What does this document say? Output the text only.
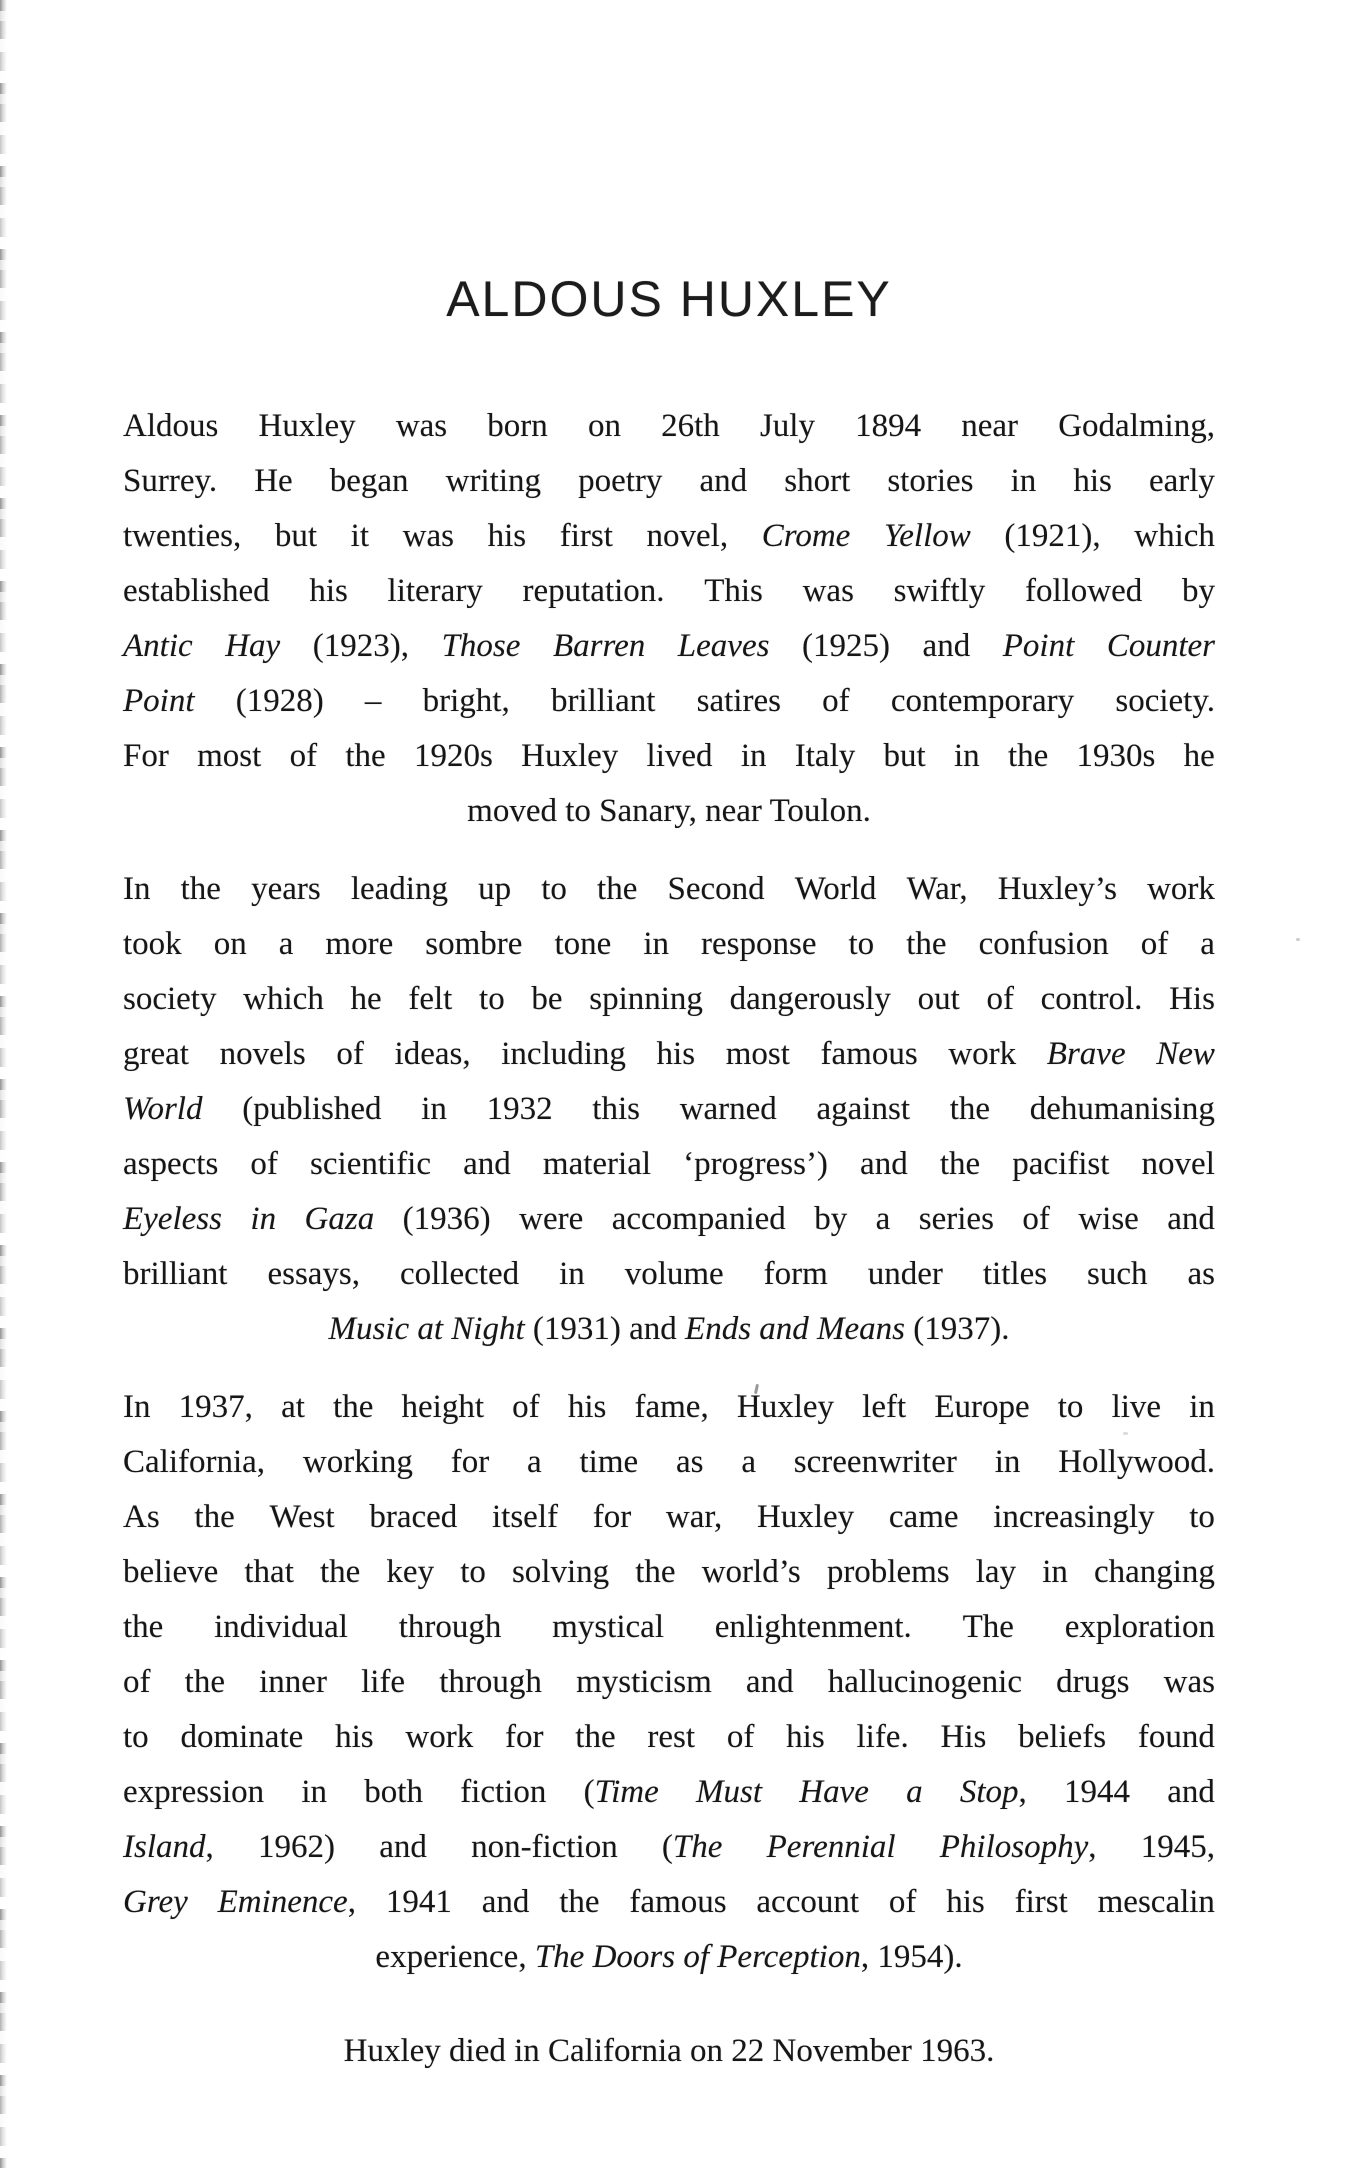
ALDOUS HUXLEY
Aldous Huxley was born on 26th July 1894 near Godalming,
Surrey. He began writing poetry and short stories in his early
twenties, but it was his first novel, Crome Yellow (1921), which
established his literary reputation. This was swiftly followed by
Antic Hay (1923), Those Barren Leaves (1925) and Point Counter
Point (1928) – bright, brilliant satires of contemporary society.
For most of the 1920s Huxley lived in Italy but in the 1930s he
moved to Sanary, near Toulon.
In the years leading up to the Second World War, Huxley’s work
took on a more sombre tone in response to the confusion of a
society which he felt to be spinning dangerously out of control. His
great novels of ideas, including his most famous work Brave New
World (published in 1932 this warned against the dehumanising
aspects of scientific and material ‘progress’) and the pacifist novel
Eyeless in Gaza (1936) were accompanied by a series of wise and
brilliant essays, collected in volume form under titles such as
Music at Night (1931) and Ends and Means (1937).
In 1937, at the height of his fame, Huxley left Europe to live in
California, working for a time as a screenwriter in Hollywood.
As the West braced itself for war, Huxley came increasingly to
believe that the key to solving the world’s problems lay in changing
the individual through mystical enlightenment. The exploration
of the inner life through mysticism and hallucinogenic drugs was
to dominate his work for the rest of his life. His beliefs found
expression in both fiction (Time Must Have a Stop, 1944 and
Island, 1962) and non-fiction (The Perennial Philosophy, 1945,
Grey Eminence, 1941 and the famous account of his first mescalin
experience, The Doors of Perception, 1954).
Huxley died in California on 22 November 1963.
